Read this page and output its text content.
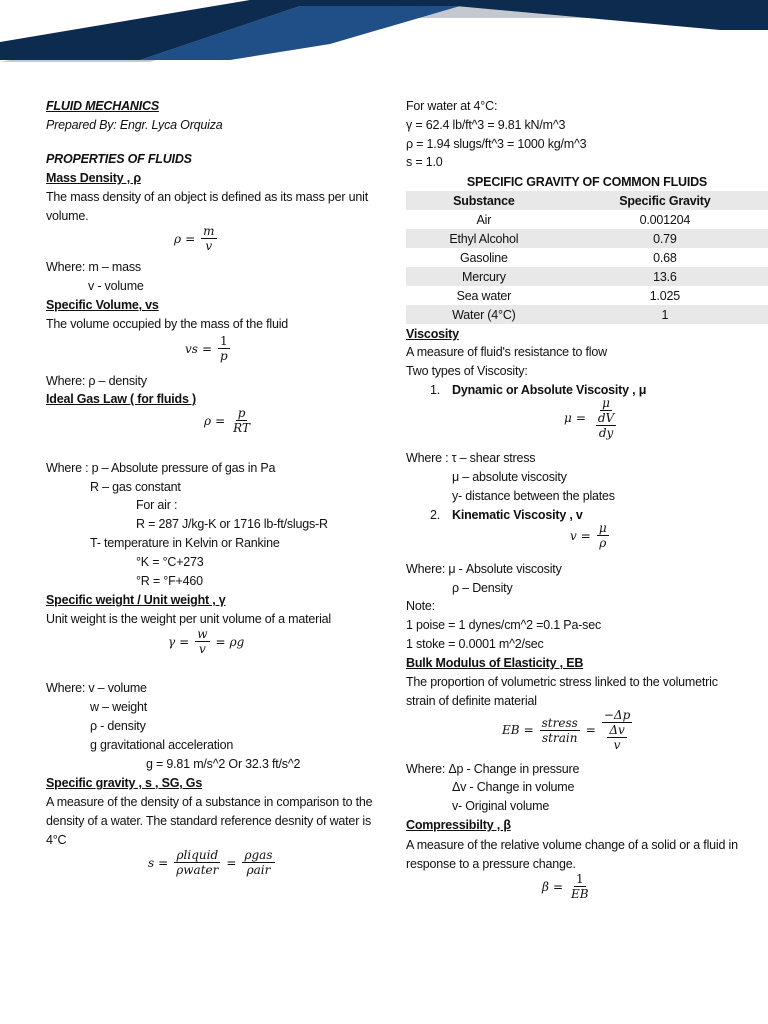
FLUID MECHANICS
Prepared By: Engr. Lyca Orquiza
PROPERTIES OF FLUIDS
Mass Density , ρ
The mass density of an object is defined as its mass per unit
volume.
$\rho = \frac{m}{v}$
Where: m – mass
v - volume
Specific Volume, vs
The volume occupied by the mass of the fluid
vs = $\frac{1}{p}$
Where: ρ – density
Ideal Gas Law ( for fluids )
$\rho = \frac{p}{RT}$
Where : p – Absolute pressure of gas in Pa
R – gas constant
For air :
R = 287 J/kg-K or 1716 lb-ft/slugs-R
T- temperature in Kelvin or Rankine
°K = °C+273
°R = °F+460
Specific weight / Unit weight , γ
Unit weight is the weight per unit volume of a material
$\gamma = \frac{w}{v} = \rho g$
Where: v – volume
w – weight
ρ - density
g gravitational acceleration
g = 9.81 m/s^2 Or 32.3 ft/s^2
Specific gravity , s , SG, Gs
A measure of the density of a substance in comparison to the
density of a water. The standard reference desnity of water is
4°C
$s = \frac{\text{ρliquid}}{\text{ρwater}} = \frac{\text{ρgas}}{\text{ρair}}$
For water at 4°C:
γ = 62.4 lb/ft^3 = 9.81 kN/m^3
ρ = 1.94 slugs/ft^3 = 1000 kg/m^3
s = 1.0
SPECIFIC GRAVITY OF COMMON FLUIDS	
Substance	Specific Gravity
Air	0.001204
Ethyl Alcohol	0.79
Gasoline	0.68
Mercury	13.6
Sea water	1.025
Water (4°C)	1
Viscosity
A measure of fluid's resistance to flow
Two types of Viscosity:
1. Dynamic or Absolute Viscosity , μ
$\mu = \frac{\mu}{\frac{dV}{dy}}$
Where : τ – shear stress
μ – absolute viscosity
y- distance between the plates
2. Kinematic Viscosity , v
$v = \frac{\mu}{\rho}$
Where: μ - Absolute viscosity
ρ – Density
Note:
1 poise = 1 dynes/cm^2 =0.1 Pa-sec
1 stoke = 0.0001 m^2/sec
Bulk Modulus of Elasticity , EB
The proportion of volumetric stress linked to the volumetric
strain of definite material
EB = $\frac{\text{stress}}{\text{strain}} = \frac{-\Delta p}{\frac{\Delta v}{v}}$
Where: Δp - Change in pressure
Δv - Change in volume
v- Original volume
Compressibilty , β
A measure of the relative volume change of a solid or a fluid in
response to a pressure change.
$\beta = \frac{1}{EB}$
